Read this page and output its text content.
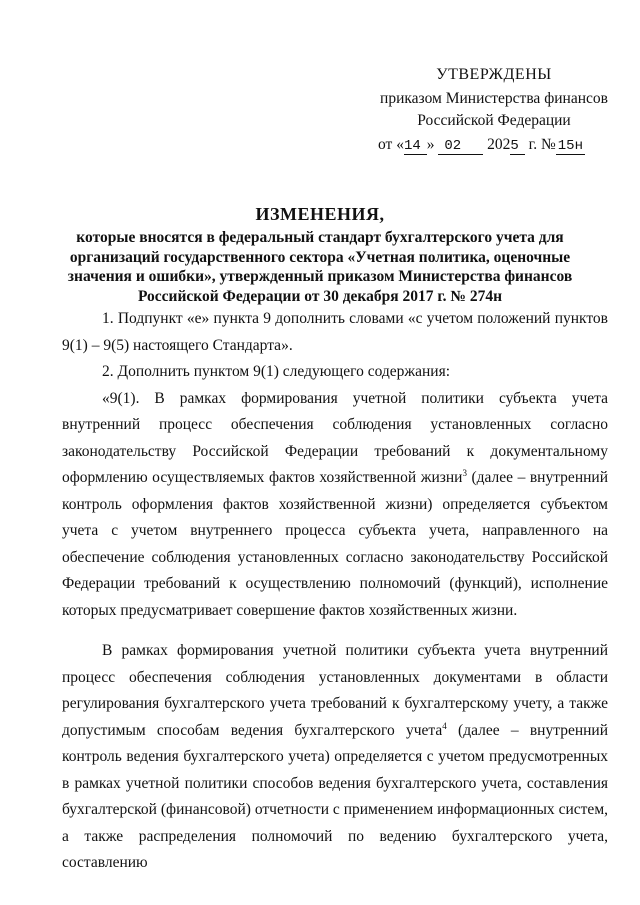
УТВЕРЖДЕНЫ
приказом Министерства финансов
Российской Федерации
от «14 » 02 2025 г. № 15н
ИЗМЕНЕНИЯ,
которые вносятся в федеральный стандарт бухгалтерского учета для организаций государственного сектора «Учетная политика, оценочные значения и ошибки», утвержденный приказом Министерства финансов Российской Федерации от 30 декабря 2017 г. № 274н

1. Подпункт «е» пункта 9 дополнить словами «с учетом положений пунктов 9(1) – 9(5) настоящего Стандарта».

2. Дополнить пунктом 9(1) следующего содержания:

«9(1). В рамках формирования учетной политики субъекта учета внутренний процесс обеспечения соблюдения установленных согласно законодательству Российской Федерации требований к документальному оформлению осуществляемых фактов хозяйственной жизни$^3$ (далее – внутренний контроль оформления фактов хозяйственной жизни) определяется субъектом учета с учетом внутреннего процесса субъекта учета, направленного на обеспечение соблюдения установленных согласно законодательству Российской Федерации требований к осуществлению полномочий (функций), исполнение которых предусматривает совершение фактов хозяйственных жизни.

В рамках формирования учетной политики субъекта учета внутренний процесс обеспечения соблюдения установленных документами в области регулирования бухгалтерского учета требований к бухгалтерскому учету, а также допустимым способам ведения бухгалтерского учета$^4$ (далее – внутренний контроль ведения бухгалтерского учета) определяется с учетом предусмотренных в рамках учетной политики способов ведения бухгалтерского учета, составления бухгалтерской (финансовой) отчетности с применением информационных систем, а также распределения полномочий по ведению бухгалтерского учета, составлению
